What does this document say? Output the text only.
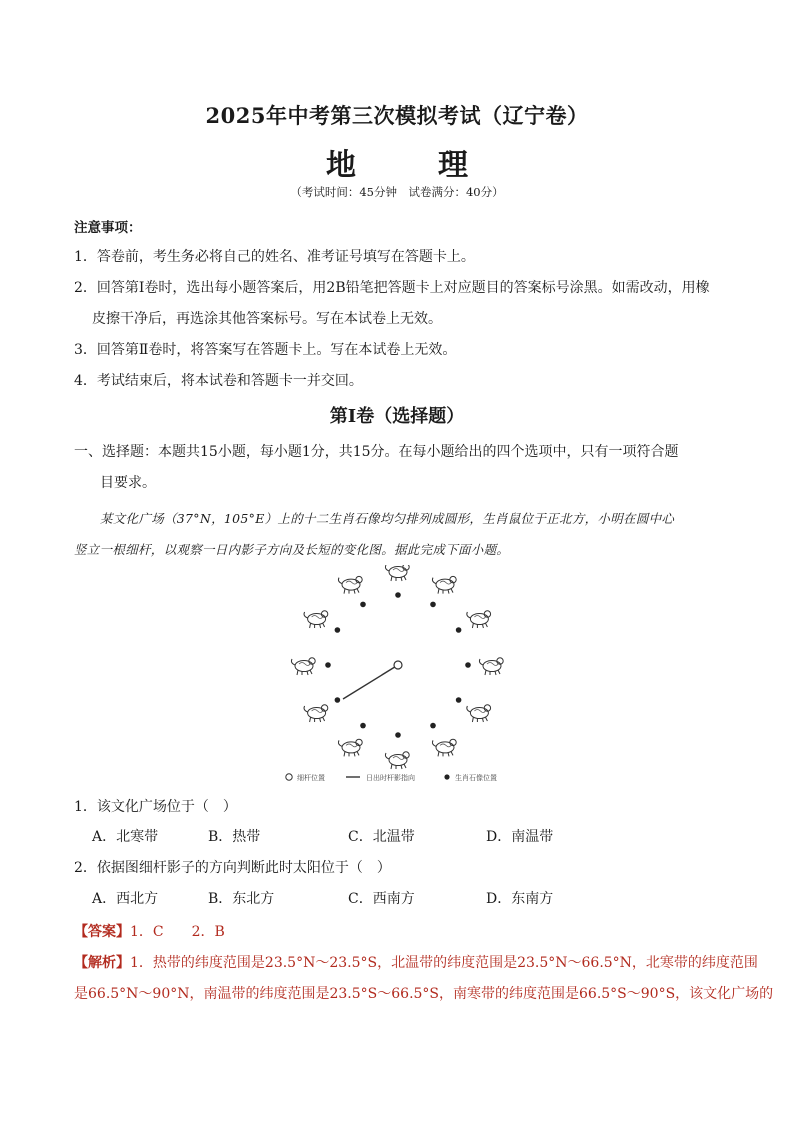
2025年中考第三次模拟考试（辽宁卷）
地　理
（考试时间：45分钟　试卷满分：40分）
注意事项：
1．答卷前，考生务必将自己的姓名、准考证号填写在答题卡上。
2．回答第Ⅰ卷时，选出每小题答案后，用2B铅笔把答题卡上对应题目的答案标号涂黑。如需改动，用橡
皮擦干净后，再选涂其他答案标号。写在本试卷上无效。
3．回答第Ⅱ卷时，将答案写在答题卡上。写在本试卷上无效。
4．考试结束后，将本试卷和答题卡一并交回。
第Ⅰ卷（选择题）
一、选择题：本题共15小题，每小题1分，共15分。在每小题给出的四个选项中，只有一项符合题
目要求。
某文化广场（37°N，105°E）上的十二生肖石像均匀排列成圆形，生肖鼠位于正北方，小明在圆中心
竖立一根细杆，以观察一日内影子方向及长短的变化图。据此完成下面小题。
细杆位置	日出时杆影指向	生肖石像位置
1．该文化广场位于（　）
A．北寒带	B．热带	C．北温带	D．南温带
2．依据图细杆影子的方向判断此时太阳位于（　）
A．西北方	B．东北方	C．西南方	D．东南方
【答案】1．C　　2．B
【解析】1．热带的纬度范围是23.5°N～23.5°S，北温带的纬度范围是23.5°N～66.5°N，北寒带的纬度范围
是66.5°N～90°N，南温带的纬度范围是23.5°S～66.5°S，南寒带的纬度范围是66.5°S～90°S，该文化广场的
